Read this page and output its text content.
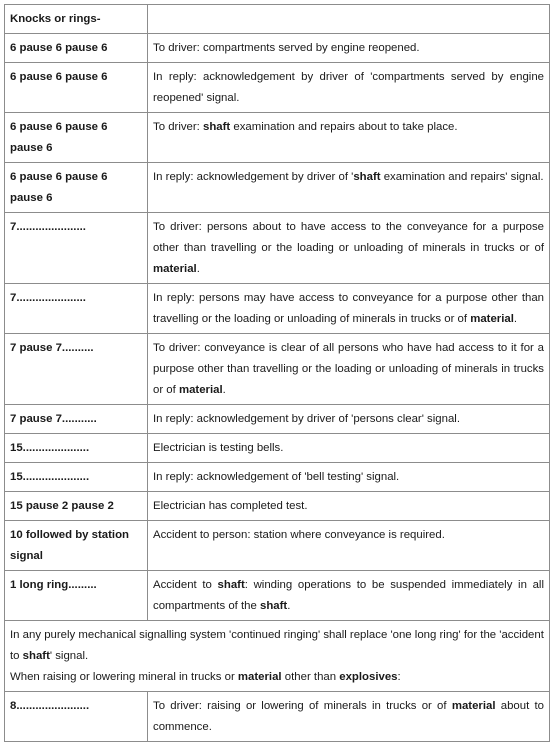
Knocks or rings-	
6 pause 6 pause 6	To driver: compartments served by engine reopened.
6 pause 6 pause 6	In reply: acknowledgement by driver of 'compartments served by engine reopened' signal.
6 pause 6 pause 6 pause 6	To driver: shaft examination and repairs about to take place.
6 pause 6 pause 6 pause 6	In reply: acknowledgement by driver of 'shaft examination and repairs' signal.
7......................	To driver: persons about to have access to the conveyance for a purpose other than travelling or the loading or unloading of minerals in trucks or of material.
7......................	In reply: persons may have access to conveyance for a purpose other than travelling or the loading or unloading of minerals in trucks or of material.
7 pause 7..........	To driver: conveyance is clear of all persons who have had access to it for a purpose other than travelling or the loading or unloading of minerals in trucks or of material.
7 pause 7...........	In reply: acknowledgement by driver of 'persons clear' signal.
15.....................	Electrician is testing bells.
15.....................	In reply: acknowledgement of 'bell testing' signal.
15 pause 2 pause 2	Electrician has completed test.
10 followed by station signal	Accident to person: station where conveyance is required.
1 long ring.........	Accident to shaft: winding operations to be suspended immediately in all compartments of the shaft.

In any purely mechanical signalling system 'continued ringing' shall replace 'one long ring' for the 'accident to shaft' signal.
When raising or lowering mineral in trucks or material other than explosives:	

8.......................	To driver: raising or lowering of minerals in trucks or of material about to commence.
